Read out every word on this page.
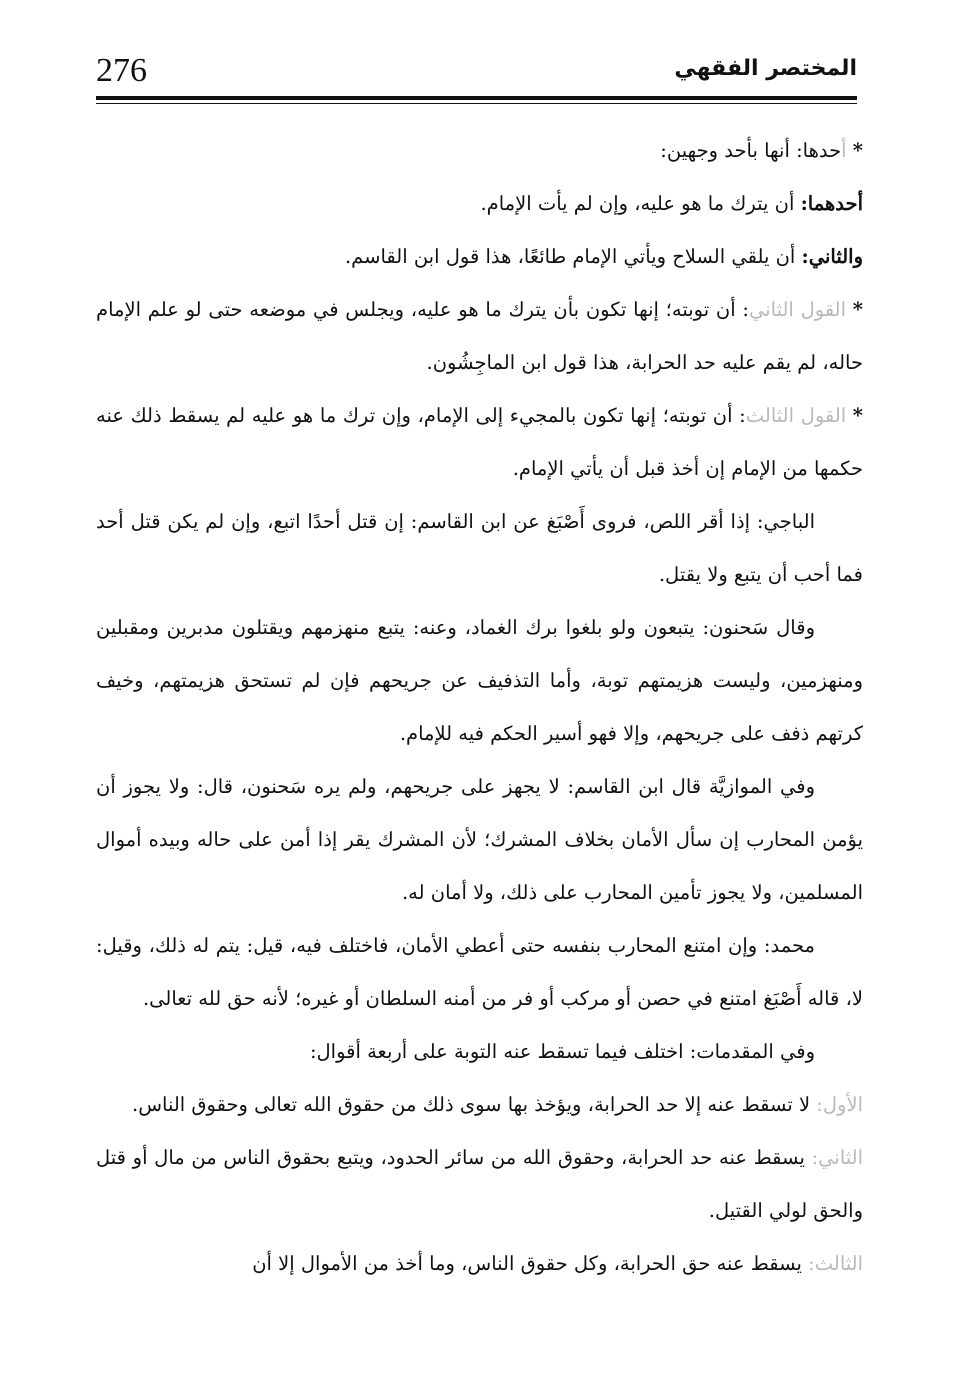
276	المختصر الفقهي

* أحدها: أنها بأحد وجهين:

أحدهما: أن يترك ما هو عليه، وإن لم يأت الإمام.

والثاني: أن يلقي السلاح ويأتي الإمام طائعًا، هذا قول ابن القاسم.

* القول الثاني: أن توبته؛ إنها تكون بأن يترك ما هو عليه، ويجلس في موضعه حتى لو علم الإمام حاله، لم يقم عليه حد الحرابة، هذا قول ابن الماجِشُون.

* القول الثالث: أن توبته؛ إنها تكون بالمجيء إلى الإمام، وإن ترك ما هو عليه لم يسقط ذلك عنه حكمها من الإمام إن أخذ قبل أن يأتي الإمام.

الباجي: إذا أقر اللص، فروى أَصْبَغ عن ابن القاسم: إن قتل أحدًا اتبع، وإن لم يكن قتل أحد فما أحب أن يتبع ولا يقتل.

وقال سَحنون: يتبعون ولو بلغوا برك الغماد، وعنه: يتبع منهزمهم ويقتلون مدبرين ومقبلين ومنهزمين، وليست هزيمتهم توبة، وأما التذفيف عن جريحهم فإن لم تستحق هزيمتهم، وخيف كرتهم ذفف على جريحهم، وإلا فهو أسير الحكم فيه للإمام.

وفي الموازيَّة قال ابن القاسم: لا يجهز على جريحهم، ولم يره سَحنون، قال: ولا يجوز أن يؤمن المحارب إن سأل الأمان بخلاف المشرك؛ لأن المشرك يقر إذا أمن على حاله وبيده أموال المسلمين، ولا يجوز تأمين المحارب على ذلك، ولا أمان له.

محمد: وإن امتنع المحارب بنفسه حتى أعطي الأمان، فاختلف فيه، قيل: يتم له ذلك، وقيل: لا، قاله أَصْبَغ امتنع في حصن أو مركب أو فر من أمنه السلطان أو غيره؛ لأنه حق لله تعالى.

وفي المقدمات: اختلف فيما تسقط عنه التوبة على أربعة أقوال:

الأول: لا تسقط عنه إلا حد الحرابة، ويؤخذ بها سوى ذلك من حقوق الله تعالى وحقوق الناس.

الثاني: يسقط عنه حد الحرابة، وحقوق الله من سائر الحدود، ويتبع بحقوق الناس من مال أو قتل والحق لولي القتيل.

الثالث: يسقط عنه حق الحرابة، وكل حقوق الناس، وما أخذ من الأموال إلا أن
